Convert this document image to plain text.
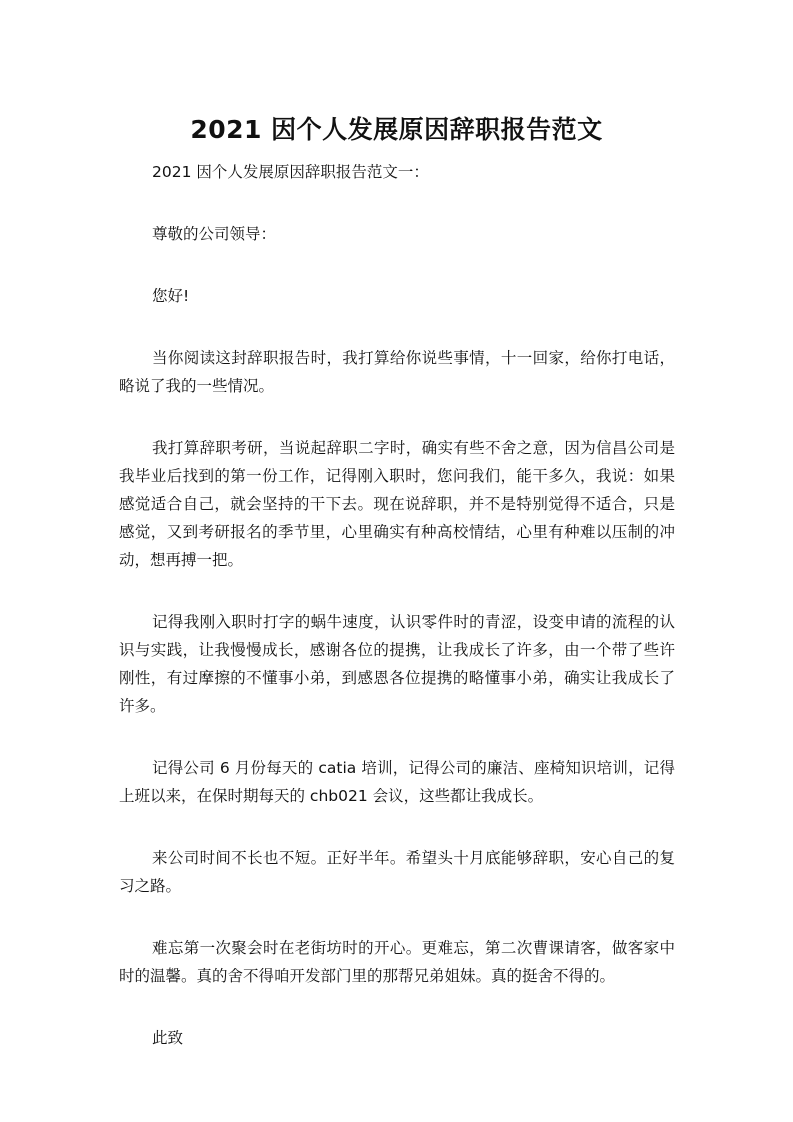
2021 因个人发展原因辞职报告范文

2021 因个人发展原因辞职报告范文一：

尊敬的公司领导：

您好!

当你阅读这封辞职报告时，我打算给你说些事情，十一回家，给你打电话，略说了我的一些情况。

我打算辞职考研，当说起辞职二字时，确实有些不舍之意，因为信昌公司是我毕业后找到的第一份工作，记得刚入职时，您问我们，能干多久，我说：如果感觉适合自己，就会坚持的干下去。现在说辞职，并不是特别觉得不适合，只是感觉，又到考研报名的季节里，心里确实有种高校情结，心里有种难以压制的冲动，想再搏一把。

记得我刚入职时打字的蜗牛速度，认识零件时的青涩，设变申请的流程的认识与实践，让我慢慢成长，感谢各位的提携，让我成长了许多，由一个带了些许刚性，有过摩擦的不懂事小弟，到感恩各位提携的略懂事小弟，确实让我成长了许多。

记得公司 6 月份每天的 catia 培训，记得公司的廉洁、座椅知识培训，记得上班以来，在保时期每天的 chb021 会议，这些都让我成长。

来公司时间不长也不短。正好半年。希望头十月底能够辞职，安心自己的复习之路。

难忘第一次聚会时在老街坊时的开心。更难忘，第二次曹课请客，做客家中时的温馨。真的舍不得咱开发部门里的那帮兄弟姐妹。真的挺舍不得的。

此致
